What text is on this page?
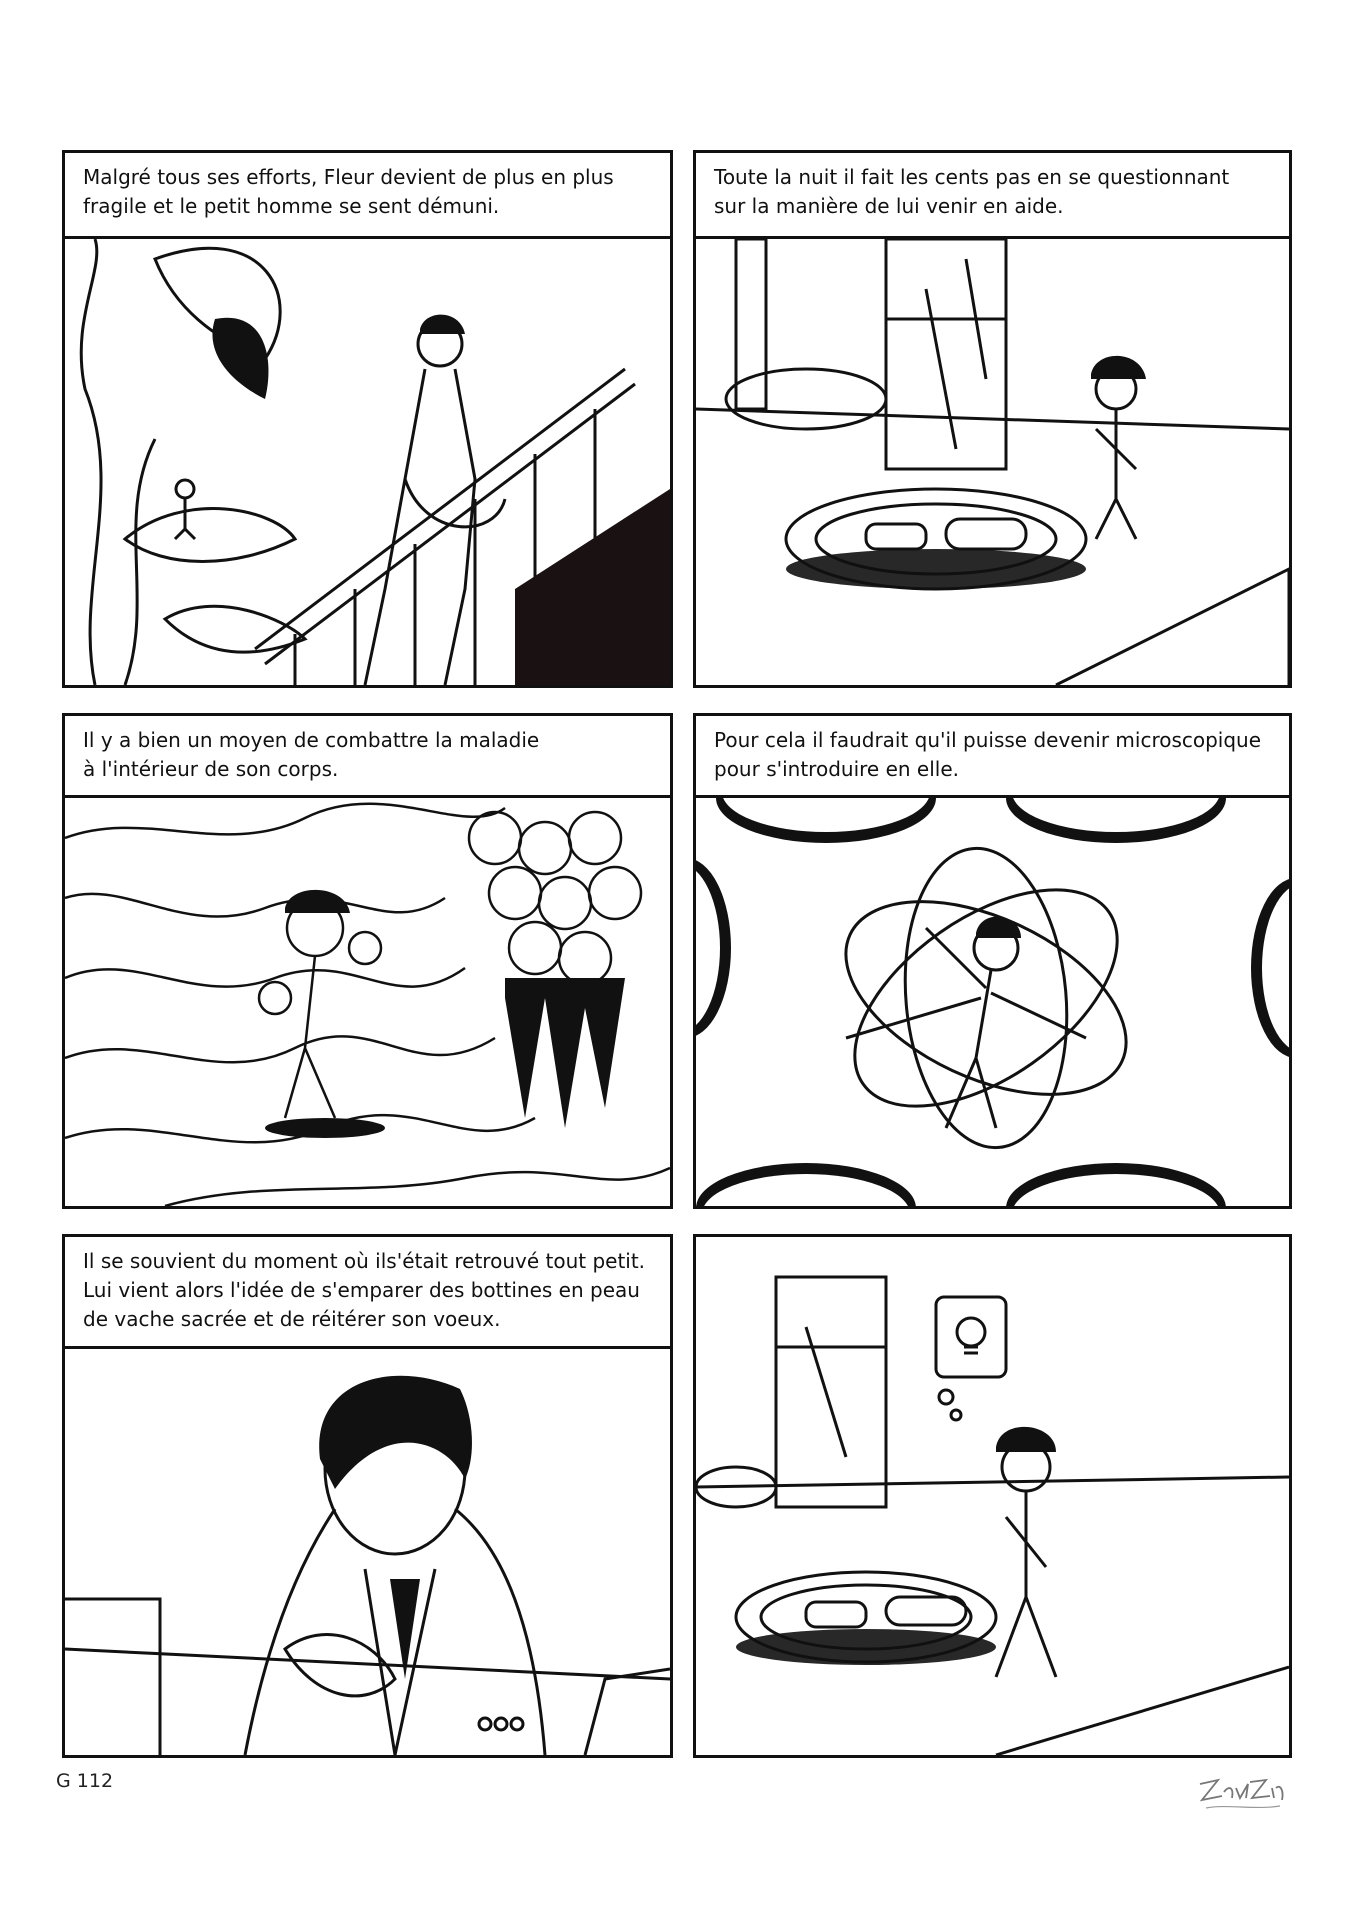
Malgré tous ses efforts, Fleur devient de plus en plus
fragile et le petit homme se sent démuni.
Toute la nuit il fait les cents pas en se questionnant
sur la manière de lui venir en aide.
Il y a bien un moyen de combattre la maladie
à l'intérieur de son corps.
Pour cela il faudrait qu'il puisse devenir microscopique
pour s'introduire en elle.
Il se souvient du moment où ils'était retrouvé tout petit.
Lui vient alors l'idée de s'emparer des bottines en peau
de vache sacrée et de réitérer son voeux.
G 112
